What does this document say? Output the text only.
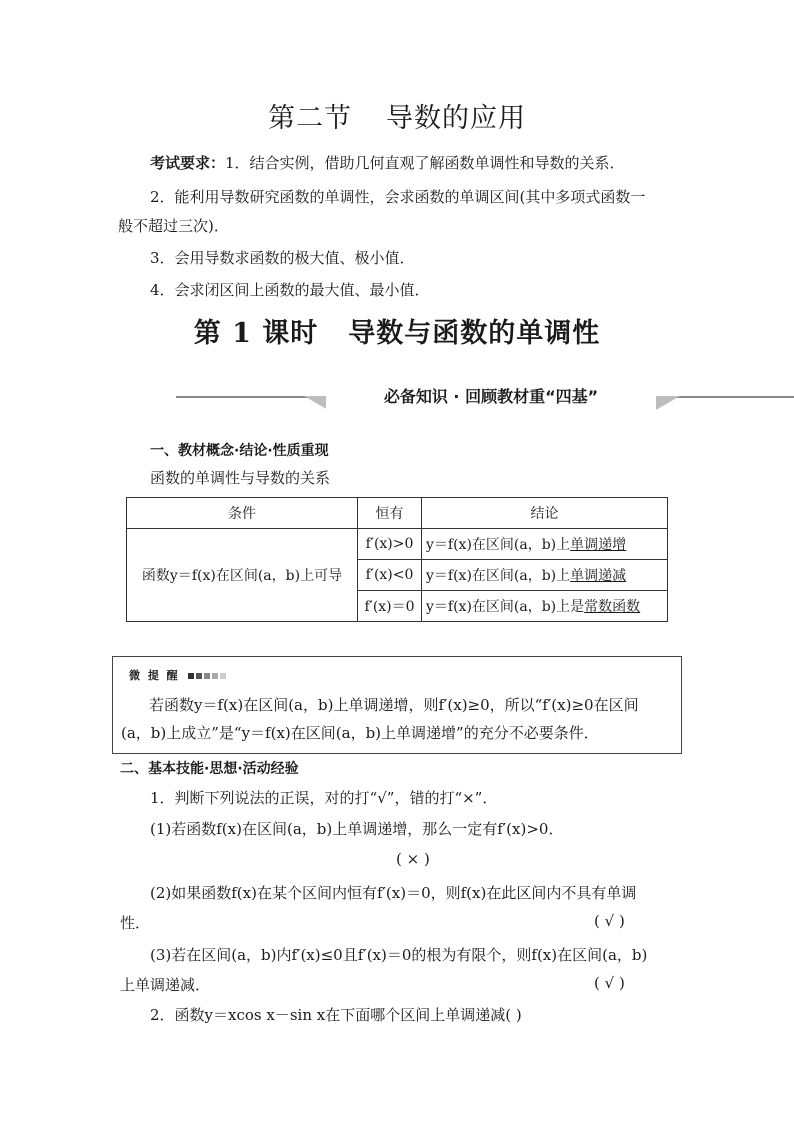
第二节 导数的应用
考试要求：1．结合实例，借助几何直观了解函数单调性和导数的关系．
2．能利用导数研究函数的单调性，会求函数的单调区间(其中多项式函数一
般不超过三次)．
3．会用导数求函数的极大值、极小值．
4．会求闭区间上函数的最大值、最小值．
第 1 课时 导数与函数的单调性
必备知识 · 回顾教材重“四基”
一、教材概念·结论·性质重现
函数的单调性与导数的关系
条件	恒有	结论
函数y＝f(x)在区间(a，b)上可导	f′(x)>0	y＝f(x)在区间(a，b)上单调递增
	f′(x)<0	y＝f(x)在区间(a，b)上单调递减
	f′(x)＝0	y＝f(x)在区间(a，b)上是常数函数
微 提 醒
若函数y＝f(x)在区间(a，b)上单调递增，则f′(x)≥0，所以“f′(x)≥0在区间
(a，b)上成立”是“y＝f(x)在区间(a，b)上单调递增”的充分不必要条件．
二、基本技能·思想·活动经验
1．判断下列说法的正误，对的打“√”，错的打“×”．
(1)若函数f(x)在区间(a，b)上单调递增，那么一定有f′(x)>0．
( × )
(2)如果函数f(x)在某个区间内恒有f′(x)＝0，则f(x)在此区间内不具有单调
性．	( √ )
(3)若在区间(a，b)内f′(x)≤0且f′(x)＝0的根为有限个，则f(x)在区间(a，b)
上单调递减．	( √ )
2．函数y＝xcos x－sin x在下面哪个区间上单调递减( )
